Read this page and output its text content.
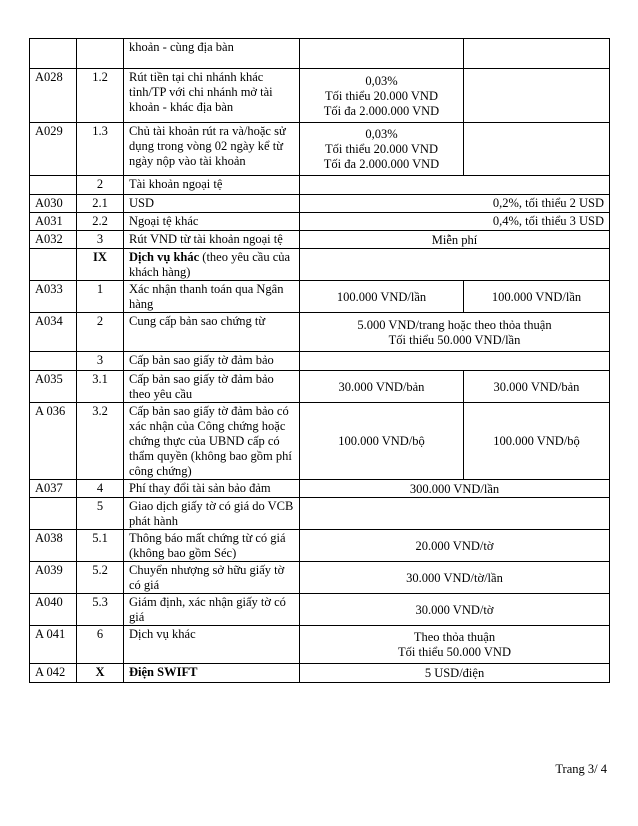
		khoản - cùng địa bàn		
A028	1.2	Rút tiền tại chi nhánh khác tỉnh/TP với chi nhánh mở tài khoản - khác địa bàn	0,03%
Tối thiểu 20.000 VND
Tối đa 2.000.000 VND	
A029	1.3	Chủ tài khoản rút ra và/hoặc sử dụng trong vòng 02 ngày kể từ ngày nộp vào tài khoản	0,03%
Tối thiểu 20.000 VND
Tối đa 2.000.000 VND	
	2	Tài khoản ngoại tệ		
A030	2.1	USD	0,2%, tối thiểu 2 USD	
A031	2.2	Ngoại tệ khác	0,4%, tối thiểu 3 USD	
A032	3	Rút VND từ tài khoản ngoại tệ	Miễn phí	
	IX	Dịch vụ khác (theo yêu cầu của khách hàng)		
A033	1	Xác nhận thanh toán qua Ngân hàng	100.000 VND/lần	100.000 VND/lần
A034	2	Cung cấp bản sao chứng từ	5.000 VND/trang hoặc theo thỏa thuận
Tối thiểu 50.000 VND/lần	
	3	Cấp bản sao giấy tờ đảm bảo		
A035	3.1	Cấp bản sao giấy tờ đảm bảo theo yêu cầu	30.000 VND/bản	30.000 VND/bản
A 036	3.2	Cấp bản sao giấy tờ đảm bảo có xác nhận của Công chứng hoặc chứng thực của UBND cấp có thẩm quyền (không bao gồm phí công chứng)	100.000 VND/bộ	100.000 VND/bộ
A037	4	Phí thay đổi tài sản bảo đảm	300.000 VND/lần	
	5	Giao dịch giấy tờ có giá do VCB phát hành		
A038	5.1	Thông báo mất chứng từ có giá (không bao gồm Séc)	20.000 VND/tờ	
A039	5.2	Chuyển nhượng sở hữu giấy tờ có giá	30.000 VND/tờ/lần	
A040	5.3	Giám định, xác nhận giấy tờ có giá	30.000 VND/tờ	
A 041	6	Dịch vụ khác	Theo thỏa thuận
Tối thiểu 50.000 VND	
A 042	X	Điện SWIFT	5 USD/điện	
Trang 3/ 4
